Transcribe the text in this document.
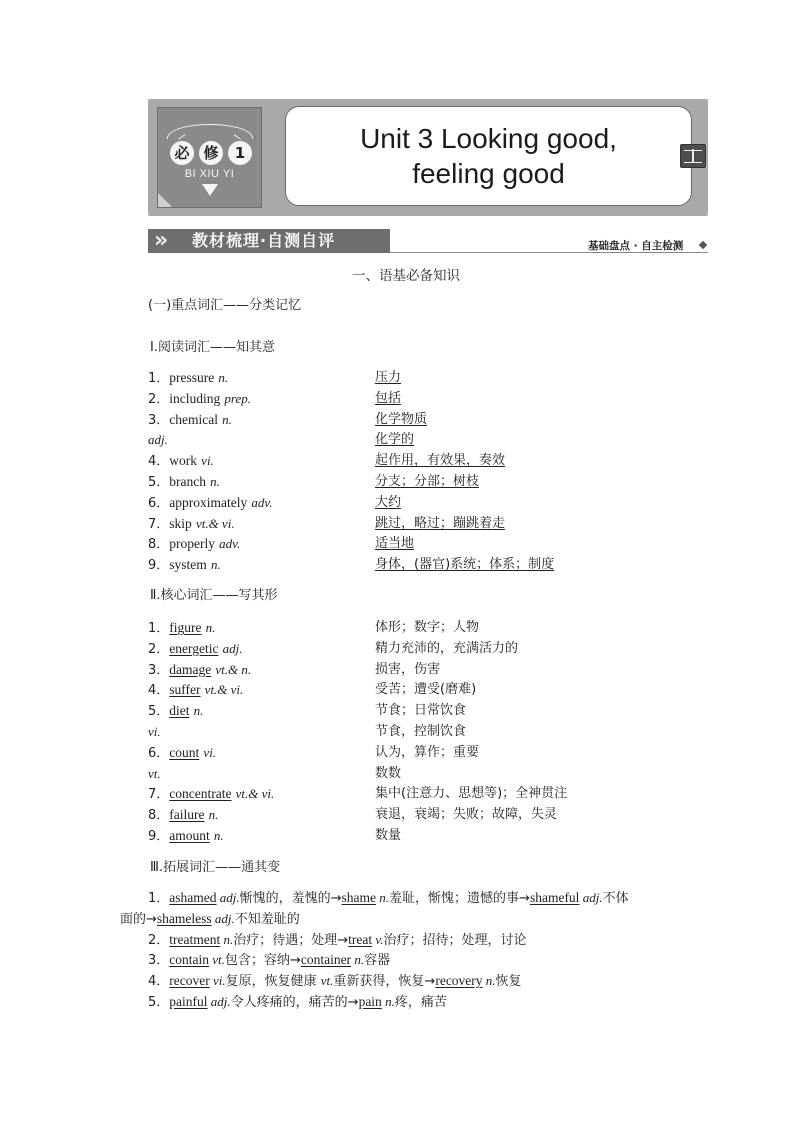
必 修	1
BI XIU YI
Unit 3 Looking good,
feeling good
»	教材梳理·自测自评	基础盘点 · 自主检测
一、语基必备知识
(一)重点词汇——分类记忆
Ⅰ.阅读词汇——知其意
1．pressure n.	压力
2．including prep.	包括
3．chemical n.	化学物质
adj.	化学的
4．work vi.	起作用，有效果，奏效
5．branch n.	分支；分部；树枝
6．approximately adv.	大约
7．skip vt.& vi.	跳过，略过；蹦跳着走
8．properly adv.	适当地
9．system n.	身体，(器官)系统；体系；制度
Ⅱ.核心词汇——写其形
1．figure n.	体形；数字；人物
2．energetic adj.	精力充沛的，充满活力的
3．damage vt.& n.	损害，伤害
4．suffer vt.& vi.	受苦；遭受(磨难)
5．diet n.	节食；日常饮食
vi.	节食，控制饮食
6．count vi.	认为，算作；重要
vt.	数数
7．concentrate vt.& vi.	集中(注意力、思想等)；全神贯注
8．failure n.	衰退，衰竭；失败；故障，失灵
9．amount n.	数量
Ⅲ.拓展词汇——通其变
1．ashamed adj.惭愧的，羞愧的→shame n.羞耻，惭愧；遗憾的事→shameful adj.不体
面的→shameless adj.不知羞耻的
2．treatment n.治疗；待遇；处理→treat v.治疗；招待；处理，讨论
3．contain vt.包含；容纳→container n.容器
4．recover vi.复原，恢复健康 vt.重新获得，恢复→recovery n.恢复
5．painful adj.令人疼痛的，痛苦的→pain n.疼，痛苦
